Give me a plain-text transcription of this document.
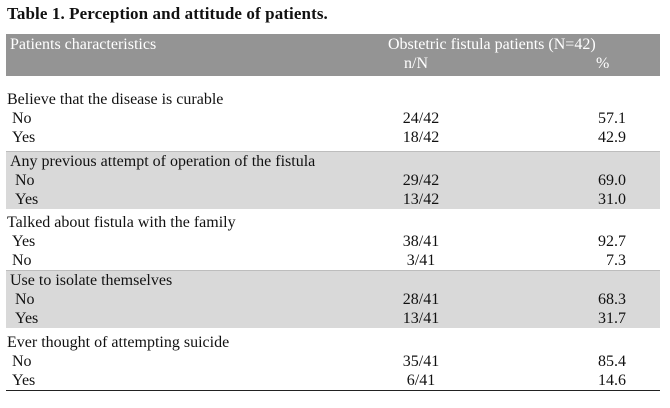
Table 1. Perception and attitude of patients.
Patients characteristics	Obstetric fistula patients (N=42)
n/N	%
Believe that the disease is curable
No	24/42	57.1
Yes	18/42	42.9
Any previous attempt of operation of the fistula
No	29/42	69.0
Yes	13/42	31.0
Talked about fistula with the family
Yes	38/41	92.7
No	3/41	7.3
Use to isolate themselves
No	28/41	68.3
Yes	13/41	31.7
Ever thought of attempting suicide
No	35/41	85.4
Yes	6/41	14.6
